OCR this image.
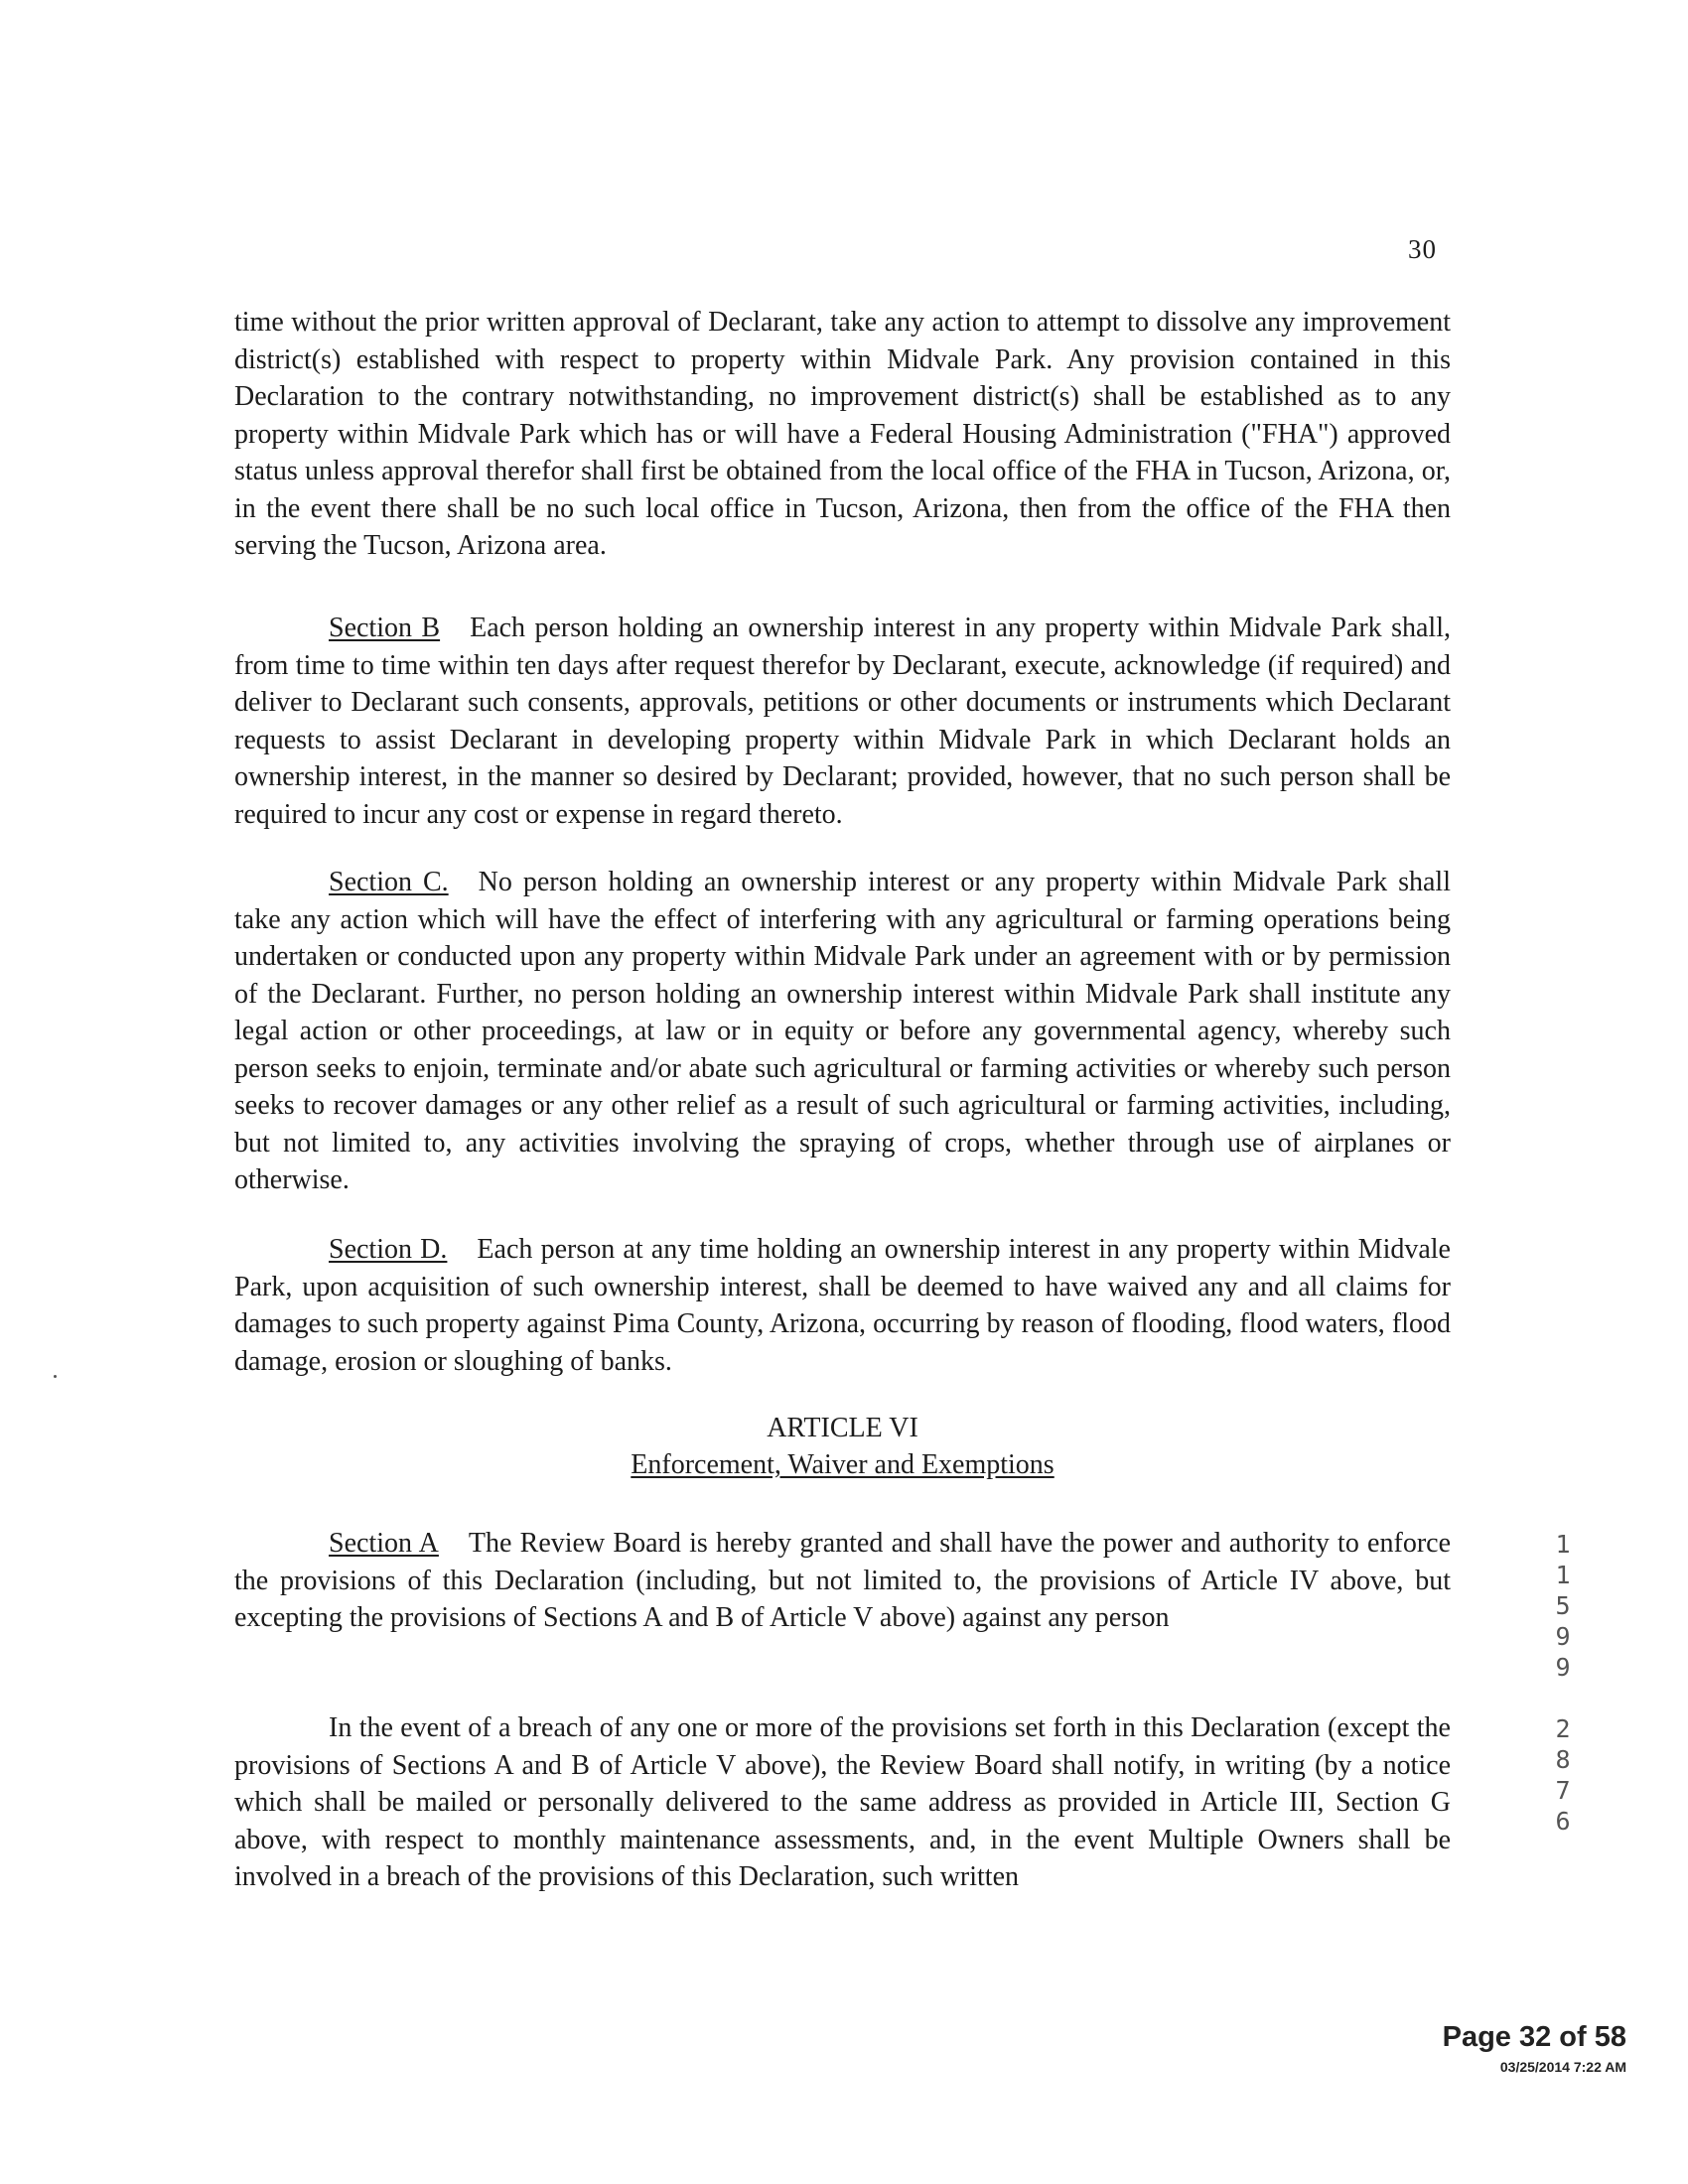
30

time without the prior written approval of Declarant, take any action to attempt to dissolve any improvement district(s) established with respect to property within Midvale Park. Any provision contained in this Declaration to the contrary notwithstanding, no improvement district(s) shall be established as to any property within Midvale Park which has or will have a Federal Housing Administration ("FHA") approved status unless approval therefor shall first be obtained from the local office of the FHA in Tucson, Arizona, or, in the event there shall be no such local office in Tucson, Arizona, then from the office of the FHA then serving the Tucson, Arizona area.

Section B Each person holding an ownership interest in any property within Midvale Park shall, from time to time within ten days after request therefor by Declarant, execute, acknowledge (if required) and deliver to Declarant such consents, approvals, petitions or other documents or instruments which Declarant requests to assist Declarant in developing property within Midvale Park in which Declarant holds an ownership interest, in the manner so desired by Declarant; provided, however, that no such person shall be required to incur any cost or expense in regard thereto.

Section C. No person holding an ownership interest or any property within Midvale Park shall take any action which will have the effect of interfering with any agricultural or farming operations being undertaken or conducted upon any property within Midvale Park under an agreement with or by permission of the Declarant. Further, no person holding an ownership interest within Midvale Park shall institute any legal action or other proceedings, at law or in equity or before any governmental agency, whereby such person seeks to enjoin, terminate and/or abate such agricultural or farming activities or whereby such person seeks to recover damages or any other relief as a result of such agricultural or farming activities, including, but not limited to, any activities involving the spraying of crops, whether through use of airplanes or otherwise.

Section D. Each person at any time holding an ownership interest in any property within Midvale Park, upon acquisition of such ownership interest, shall be deemed to have waived any and all claims for damages to such property against Pima County, Arizona, occurring by reason of flooding, flood waters, flood damage, erosion or sloughing of banks.

ARTICLE VI
Enforcement, Waiver and Exemptions

Section A The Review Board is hereby granted and shall have the power and authority to enforce the provisions of this Declaration (including, but not limited to, the provisions of Article IV above, but excepting the provisions of Sections A and B of Article V above) against any person

In the event of a breach of any one or more of the provisions set forth in this Declaration (except the provisions of Sections A and B of Article V above), the Review Board shall notify, in writing (by a notice which shall be mailed or personally delivered to the same address as provided in Article III, Section G above, with respect to monthly maintenance assessments, and, in the event Multiple Owners shall be involved in a breach of the provisions of this Declaration, such written

1
1
5
9
9
2
8
7
6
Page 32 of 58
03/25/2014 7:22 AM
